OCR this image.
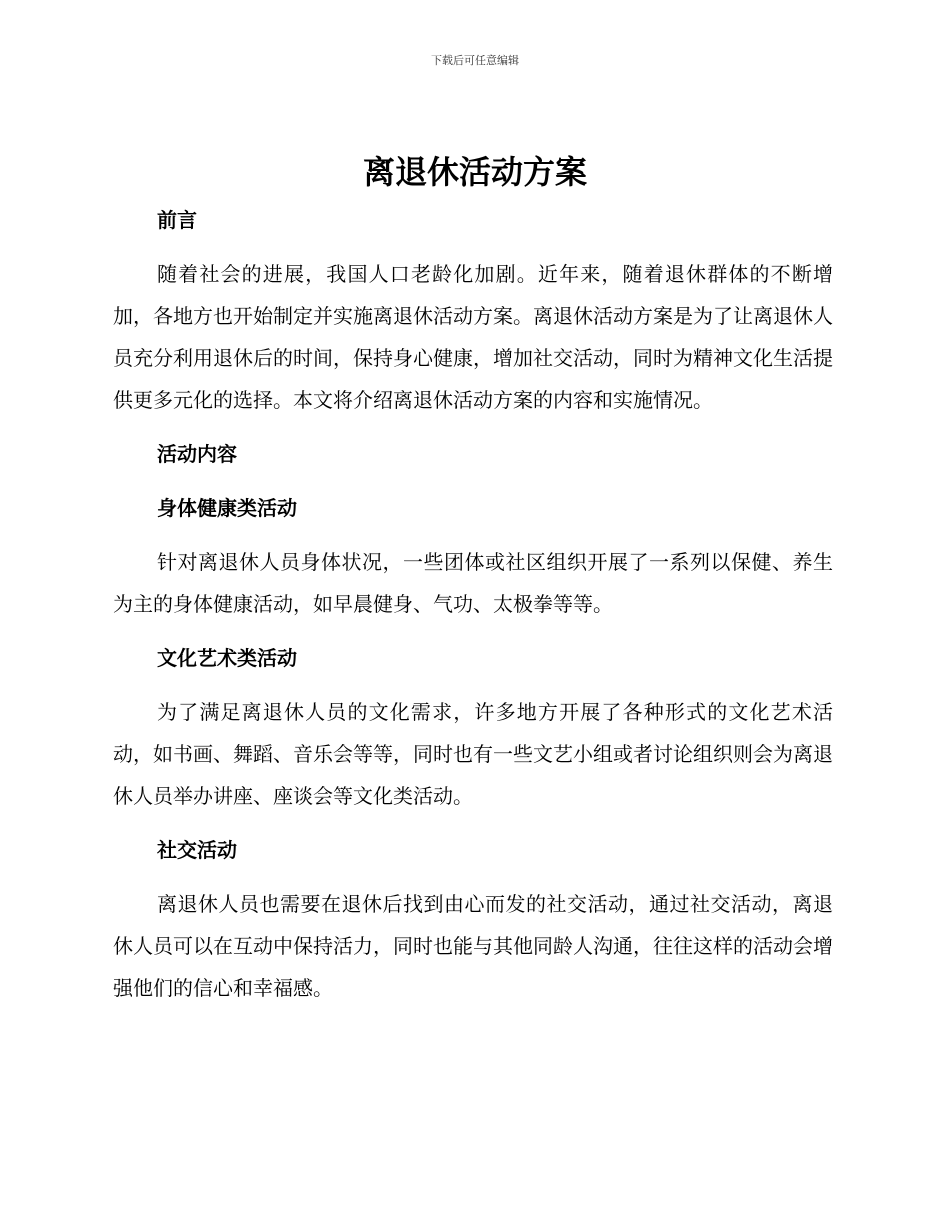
下载后可任意编辑
离退休活动方案
前言

随着社会的进展，我国人口老龄化加剧。近年来，随着退休群体的不断增加，各地方也开始制定并实施离退休活动方案。离退休活动方案是为了让离退休人员充分利用退休后的时间，保持身心健康，增加社交活动，同时为精神文化生活提供更多元化的选择。本文将介绍离退休活动方案的内容和实施情况。

活动内容
身体健康类活动

针对离退休人员身体状况，一些团体或社区组织开展了一系列以保健、养生为主的身体健康活动，如早晨健身、气功、太极拳等等。

文化艺术类活动

为了满足离退休人员的文化需求，许多地方开展了各种形式的文化艺术活动，如书画、舞蹈、音乐会等等，同时也有一些文艺小组或者讨论组织则会为离退休人员举办讲座、座谈会等文化类活动。

社交活动

离退休人员也需要在退休后找到由心而发的社交活动，通过社交活动，离退休人员可以在互动中保持活力，同时也能与其他同龄人沟通，往往这样的活动会增强他们的信心和幸福感。
